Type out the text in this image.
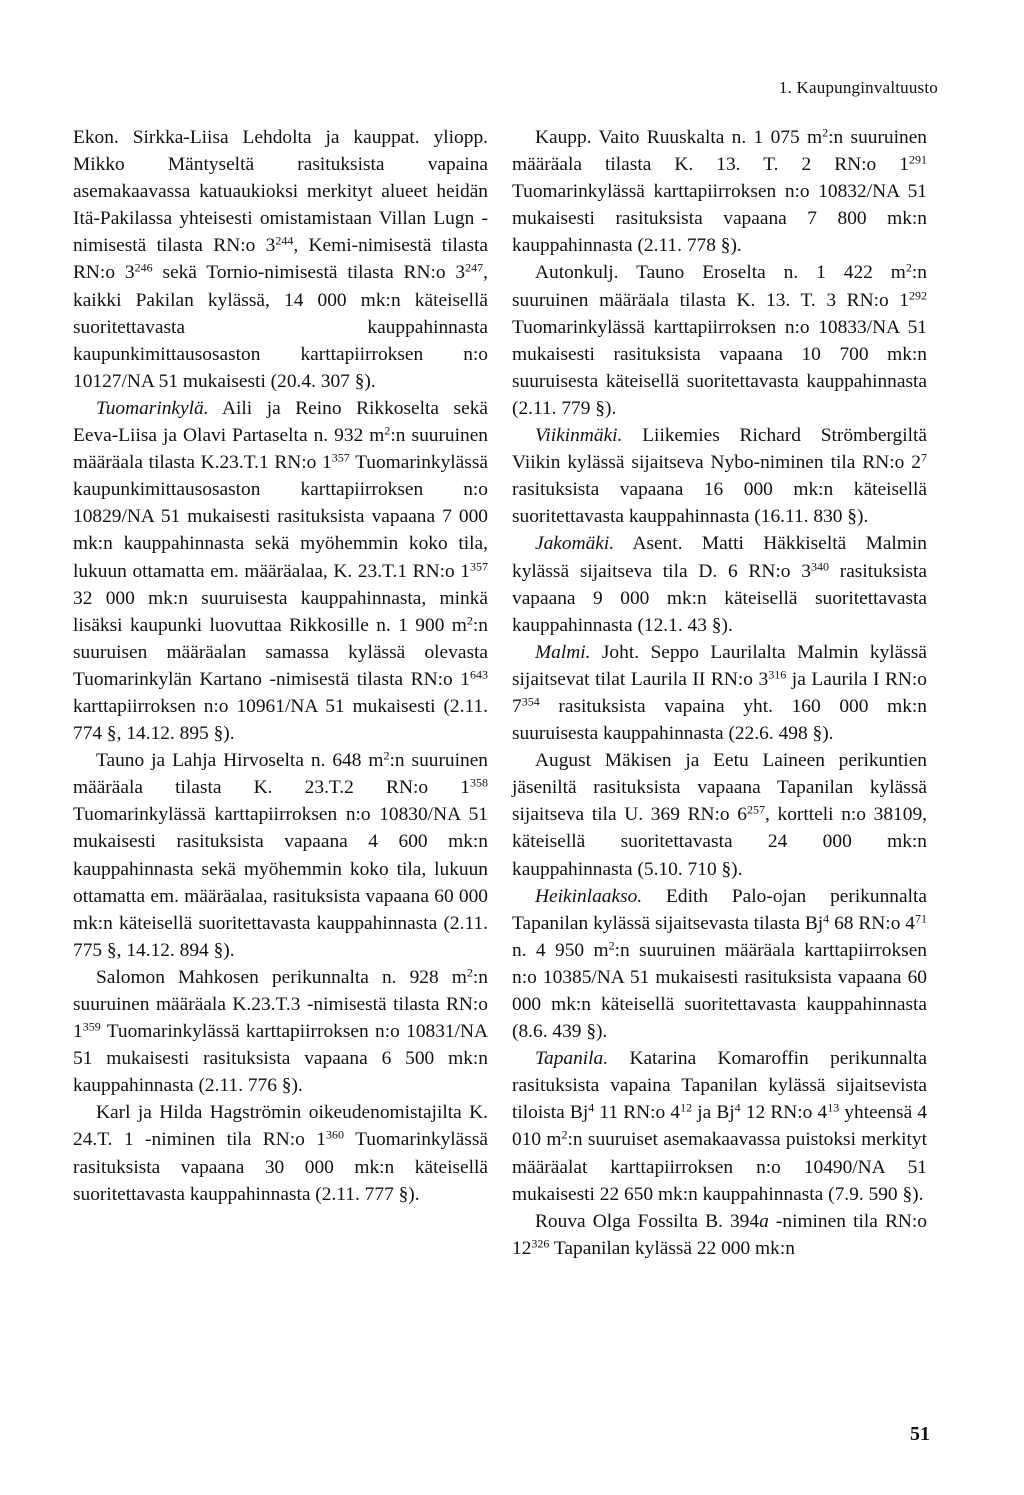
1. Kaupunginvaltuusto

Ekon. Sirkka-Liisa Lehdolta ja kauppat. yliopp. Mikko Mäntyseltä rasituksista vapaina asemakaavassa katuaukioksi merkityt alueet heidän Itä-Pakilassa yhteisesti omistamistaan Villan Lugn -nimisestä tilasta RN:o $3^{244}$, Kemi-nimisestä tilasta RN:o $3^{246}$ sekä Tornio-nimisestä tilasta RN:o $3^{247}$, kaikki Pakilan kylässä, 14 000 mk:n käteisellä suoritettavasta kauppahinnasta kaupunkimittausosaston karttapiirroksen n:o 10127/NA 51 mukaisesti (20.4. 307 §).

Tuomarinkylä. Aili ja Reino Rikkoselta sekä Eeva-Liisa ja Olavi Partaselta n. 932 $m^2:n$ suuruinen määräala tilasta K.23.T.1 RN:o $1^{357}$ Tuomarinkylässä kaupunkimittausosaston karttapiirroksen n:o 10829/NA 51 mukaisesti rasituksista vapaana 7 000 mk:n kauppahinnasta sekä myöhemmin koko tila, lukuun ottamatta em. määräalaa, K. 23.T.1 RN:o $1^{357}$ 32 000 mk:n suuruisesta kauppahinnasta, minkä lisäksi kaupunki luovuttaa Rikkosille n. 1 900 $m^2:n$ suuruisen määräalan samassa kylässä olevasta Tuomarinkylän Kartano -nimisestä tilasta RN:o $1^{643}$ karttapiirroksen n:o 10961/NA 51 mukaisesti (2.11. 774 §, 14.12. 895 §).

Tauno ja Lahja Hirvoselta n. 648 $m^2:n$ suuruinen määräala tilasta K. 23.T.2 RN:o $1^{358}$ Tuomarinkylässä karttapiirroksen n:o 10830/NA 51 mukaisesti rasituksista vapaana 4 600 mk:n kauppahinnasta sekä myöhemmin koko tila, lukuun ottamatta em. määräalaa, rasituksista vapaana 60 000 mk:n käteisellä suoritettavasta kauppahinnasta (2.11. 775 §, 14.12. 894 §).

Salomon Mahkosen perikunnalta n. 928 $m^2:n$ suuruinen määräala K.23.T.3 -nimisestä tilasta RN:o $1^{359}$ Tuomarinkylässä karttapiirroksen n:o 10831/NA 51 mukaisesti rasituksista vapaana 6 500 mk:n kauppahinnasta (2.11. 776 §).

Karl ja Hilda Hagströmin oikeudenomistajilta K. 24.T. 1 -niminen tila RN:o $1^{360}$ Tuomarinkylässä rasituksista vapaana 30 000 mk:n käteisellä suoritettavasta kauppahinnasta (2.11. 777 §).

Kaupp. Vaito Ruuskalta n. 1 075 $m^2:n$ suuruinen määräala tilasta K. 13. T. 2 RN:o $1^{291}$ Tuomarinkylässä karttapiirroksen n:o 10832/NA 51 mukaisesti rasituksista vapaana 7 800 mk:n kauppahinnasta (2.11. 778 §).

Autonkulj. Tauno Eroselta n. 1 422 $m^2:n$ suuruinen määräala tilasta K. 13. T. 3 RN:o $1^{292}$ Tuomarinkylässä karttapiirroksen n:o 10833/NA 51 mukaisesti rasituksista vapaana 10 700 mk:n suuruisesta käteisellä suoritettavasta kauppahinnasta (2.11. 779 §).

Viikinmäki. Liikemies Richard Strömbergiltä Viikin kylässä sijaitseva Nybo-niminen tila RN:o $2^7$ rasituksista vapaana 16 000 mk:n käteisellä suoritettavasta kauppahinnasta (16.11. 830 §).

Jakomäki. Asent. Matti Häkkiseltä Malmin kylässä sijaitseva tila D. 6 RN:o $3^{340}$ rasituksista vapaana 9 000 mk:n käteisellä suoritettavasta kauppahinnasta (12.1. 43 §).

Malmi. Joht. Seppo Laurilalta Malmin kylässä sijaitsevat tilat Laurila II RN:o $3^{316}$ ja Laurila I RN:o $7^{354}$ rasituksista vapaina yht. 160 000 mk:n suuruisesta kauppahinnasta (22.6. 498 §).

August Mäkisen ja Eetu Laineen perikuntien jäseniltä rasituksista vapaana Tapanilan kylässä sijaitseva tila U. 369 RN:o $6^{257}$, kortteli n:o 38109, käteisellä suoritettavasta 24 000 mk:n kauppahinnasta (5.10. 710 §).

Heikinlaakso. Edith Palo-ojan perikunnalta Tapanilan kylässä sijaitsevasta tilasta Bj$^4$ 68 RN:o $4^{71}$ n. 4 950 $m^2:n$ suuruinen määräala karttapiirroksen n:o 10385/NA 51 mukaisesti rasituksista vapaana 60 000 mk:n käteisellä suoritettavasta kauppahinnasta (8.6. 439 §).

Tapanila. Katarina Komaroffin perikunnalta rasituksista vapaina Tapanilan kylässä sijaitsevista tiloista Bj$^4$ 11 RN:o $4^{12}$ ja Bj$^4$ 12 RN:o $4^{13}$ yhteensä 4 010 $m^2:n$ suuruiset asemakaavassa puistoksi merkityt määräalat karttapiirroksen n:o 10490/NA 51 mukaisesti 22 650 mk:n kauppahinnasta (7.9. 590 §).

Rouva Olga Fossilta B. 394a -niminen tila RN:o $12^{326}$ Tapanilan kylässä 22 000 mk:n

51
